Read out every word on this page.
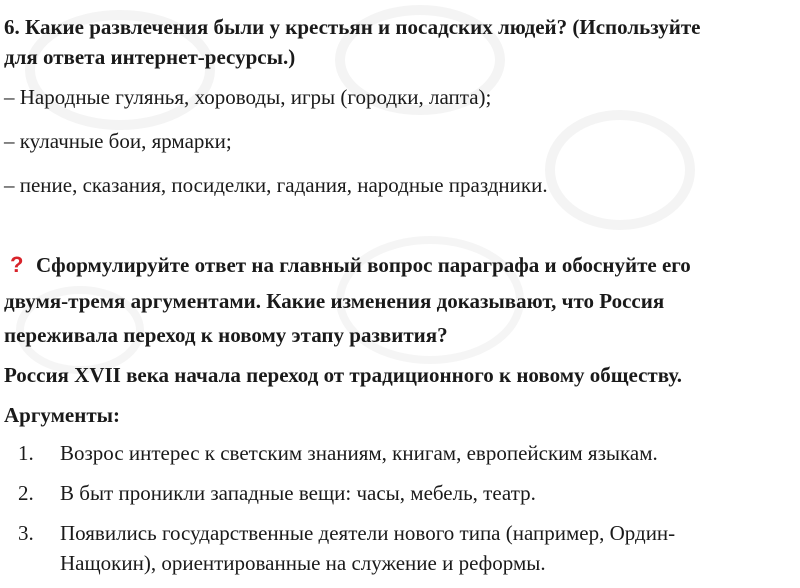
6. Какие развлечения были у крестьян и посадских людей? (Используйте
для ответа интернет-ресурсы.)
– Народные гулянья, хороводы, игры (городки, лапта);
– кулачные бои, ярмарки;
– пение, сказания, посиделки, гадания, народные праздники.
? Сформулируйте ответ на главный вопрос параграфа и обоснуйте его
двумя-тремя аргументами. Какие изменения доказывают, что Россия
переживала переход к новому этапу развития?
Россия XVII века начала переход от традиционного к новому обществу.
Аргументы:
1. Возрос интерес к светским знаниям, книгам, европейским языкам.
2. В быт проникли западные вещи: часы, мебель, театр.
3. Появились государственные деятели нового типа (например, Ордин-
Нащокин), ориентированные на служение и реформы.
